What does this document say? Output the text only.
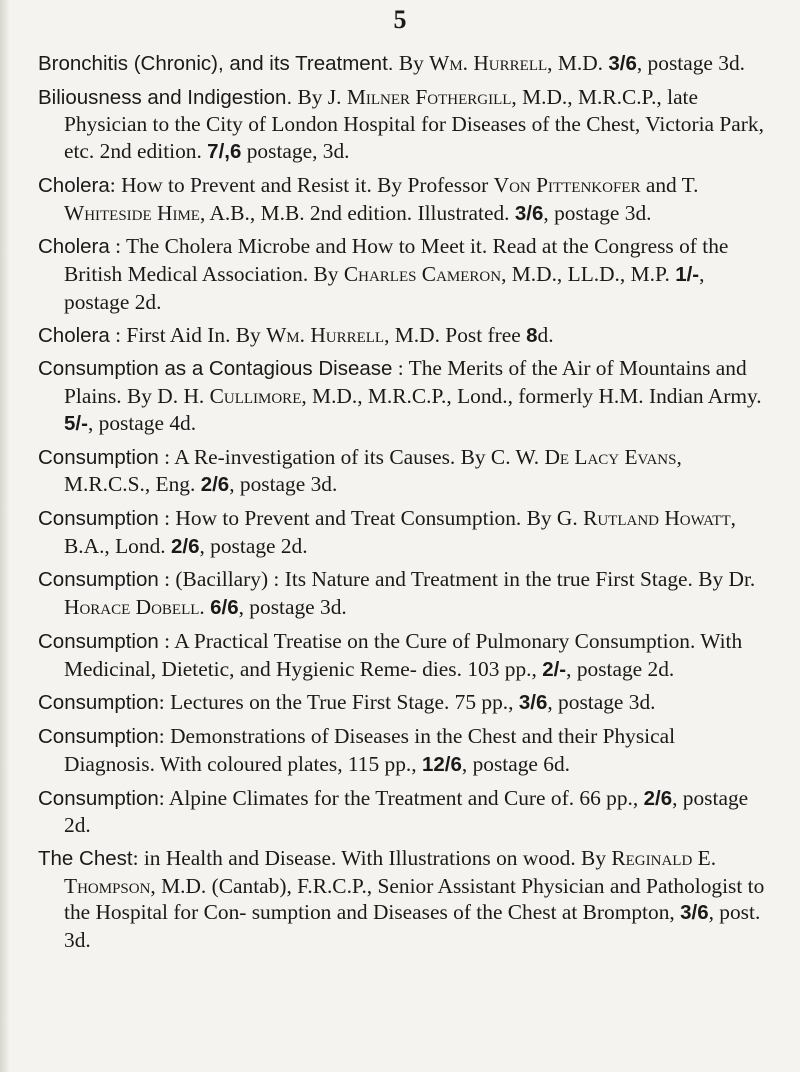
5

Bronchitis (Chronic), and its Treatment. By Wm. Hurrell, M.D. 3/6, postage 3d.

Biliousness and Indigestion. By J. Milner Fothergill, M.D., M.R.C.P., late Physician to the City of London Hospital for Diseases of the Chest, Victoria Park, etc. 2nd edition. 7/,6 postage, 3d.

Cholera: How to Prevent and Resist it. By Professor Von Pittenkofer and T. Whiteside Hime, A.B., M.B. 2nd edition. Illustrated. 3/6, postage 3d.

Cholera : The Cholera Microbe and How to Meet it. Read at the Congress of the British Medical Association. By Charles Cameron, M.D., LL.D., M.P. 1/-, postage 2d.

Cholera : First Aid In. By Wm. Hurrell, M.D. Post free 8d.

Consumption as a Contagious Disease : The Merits of the Air of Mountains and Plains. By D. H. Cullimore, M.D., M.R.C.P., Lond., formerly H.M. Indian Army. 5/-, postage 4d.

Consumption : A Re-investigation of its Causes. By C. W. De Lacy Evans, M.R.C.S., Eng. 2/6, postage 3d.

Consumption : How to Prevent and Treat Consumption. By G. Rutland Howatt, B.A., Lond. 2/6, postage 2d.

Consumption : (Bacillary) : Its Nature and Treatment in the true First Stage. By Dr. Horace Dobell. 6/6, postage 3d.

Consumption : A Practical Treatise on the Cure of Pulmonary Consumption. With Medicinal, Dietetic, and Hygienic Reme- dies. 103 pp., 2/-, postage 2d.

Consumption: Lectures on the True First Stage. 75 pp., 3/6, postage 3d.

Consumption: Demonstrations of Diseases in the Chest and their Physical Diagnosis. With coloured plates, 115 pp., 12/6, postage 6d.

Consumption: Alpine Climates for the Treatment and Cure of. 66 pp., 2/6, postage 2d.

The Chest: in Health and Disease. With Illustrations on wood. By Reginald E. Thompson, M.D. (Cantab), F.R.C.P., Senior Assistant Physician and Pathologist to the Hospital for Con- sumption and Diseases of the Chest at Brompton, 3/6, post. 3d.
